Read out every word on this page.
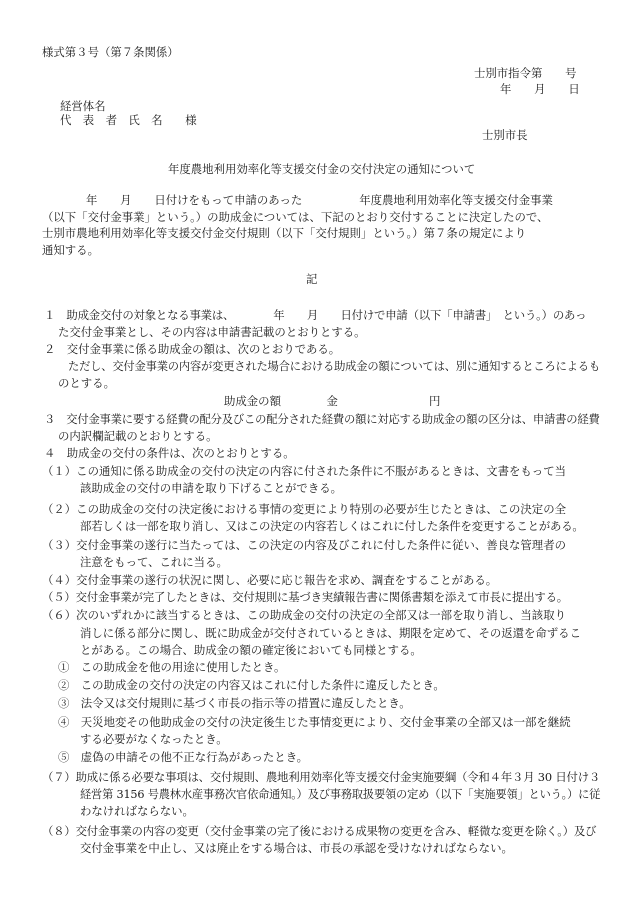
様式第３号（第７条関係）

士別市指令第　　号

年　　月　　日

経営体名

代　表　者　氏　名　　様

士別市長

年度農地利用効率化等支援交付金の交付決定の通知について

年　　月　　日付けをもって申請のあった　　　　　年度農地利用効率化等支援交付金事業

（以下「交付金事業」という。）の助成金については、下記のとおり交付することに決定したので、

士別市農地利用効率化等支援交付金交付規則（以下「交付規則」という。）第７条の規定により

通知する。

記

１　助成金交付の対象となる事業は、　　　　年　　月　　日付けで申請（以下「申請書」　という。）のあっ

た交付金事業とし、その内容は申請書記載のとおりとする。

２　交付金事業に係る助成金の額は、次のとおりである。

ただし、交付金事業の内容が変更された場合における助成金の額については、別に通知するところによるも

のとする。

助成金の額　　　　金　　　　　　　　円

３　交付金事業に要する経費の配分及びこの配分された経費の額に対応する助成金の額の区分は、申請書の経費

の内訳欄記載のとおりとする。

４　助成金の交付の条件は、次のとおりとする。

（１）この通知に係る助成金の交付の決定の内容に付された条件に不服があるときは、文書をもって当

該助成金の交付の申請を取り下げることができる。

（２）この助成金の交付の決定後における事情の変更により特別の必要が生じたときは、この決定の全

部若しくは一部を取り消し、又はこの決定の内容若しくはこれに付した条件を変更することがある。

（３）交付金事業の遂行に当たっては、この決定の内容及びこれに付した条件に従い、善良な管理者の

注意をもって、これに当る。

（４）交付金事業の遂行の状況に関し、必要に応じ報告を求め、調査をすることがある。

（５）交付金事業が完了したときは、交付規則に基づき実績報告書に関係書類を添えて市長に提出する。

（６）次のいずれかに該当するときは、この助成金の交付の決定の全部又は一部を取り消し、当該取り

消しに係る部分に関し、既に助成金が交付されているときは、期限を定めて、その返還を命ずるこ

とがある。この場合、助成金の額の確定後においても同様とする。

①　この助成金を他の用途に使用したとき。

②　この助成金の交付の決定の内容又はこれに付した条件に違反したとき。

③　法令又は交付規則に基づく市長の指示等の措置に違反したとき。

④　天災地変その他助成金の交付の決定後生じた事情変更により、交付金事業の全部又は一部を継続

する必要がなくなったとき。

⑤　虚偽の申請その他不正な行為があったとき。

（７）助成に係る必要な事項は、交付規則、農地利用効率化等支援交付金実施要綱（令和４年３月 30 日付け３

経営第 3156 号農林水産事務次官依命通知。）及び事務取扱要領の定め（以下「実施要領」という。）に従

わなければならない。

（８）交付金事業の内容の変更（交付金事業の完了後における成果物の変更を含み、軽微な変更を除く。）及び

交付金事業を中止し、又は廃止をする場合は、市長の承認を受けなければならない。
